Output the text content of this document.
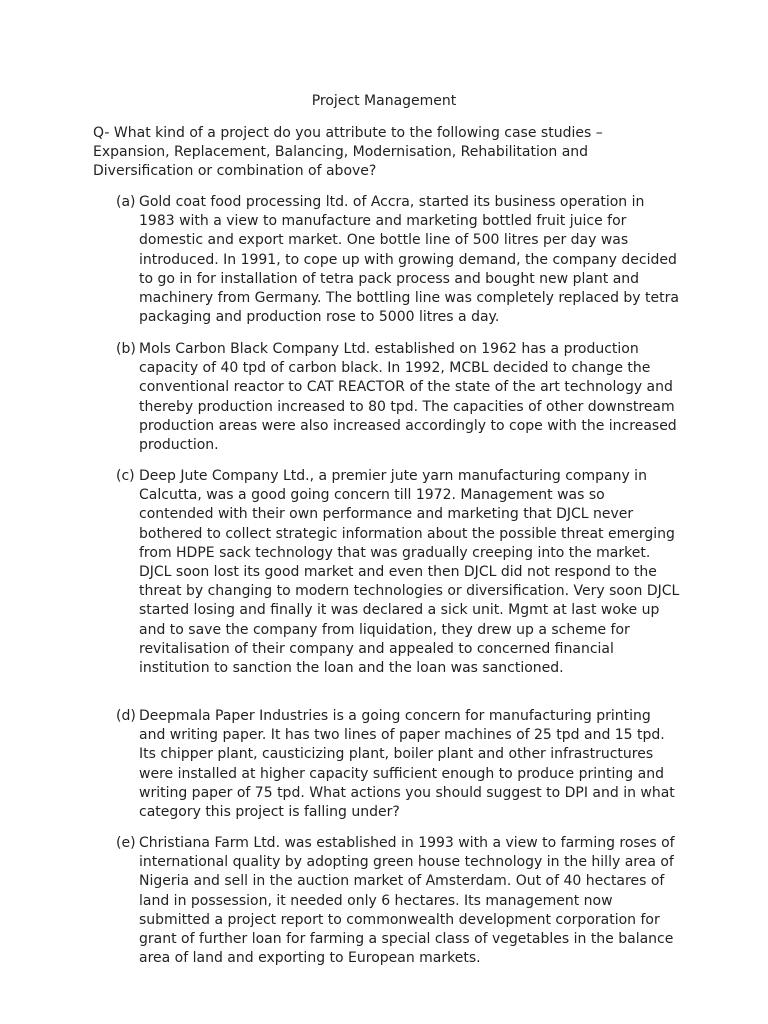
Project Management

Q- What kind of a project do you attribute to the following case studies – Expansion, Replacement, Balancing, Modernisation, Rehabilitation and Diversification or combination of above?

(a) Gold coat food processing ltd. of Accra, started its business operation in 1983 with a view to manufacture and marketing bottled fruit juice for domestic and export market. One bottle line of 500 litres per day was introduced. In 1991, to cope up with growing demand, the company decided to go in for installation of tetra pack process and bought new plant and machinery from Germany. The bottling line was completely replaced by tetra packaging and production rose to 5000 litres a day.
(b) Mols Carbon Black Company Ltd. established on 1962 has a production capacity of 40 tpd of carbon black. In 1992, MCBL decided to change the conventional reactor to CAT REACTOR of the state of the art technology and thereby production increased to 80 tpd. The capacities of other downstream production areas were also increased accordingly to cope with the increased production.
(c) Deep Jute Company Ltd., a premier jute yarn manufacturing company in Calcutta, was a good going concern till 1972. Management was so contended with their own performance and marketing that DJCL never bothered to collect strategic information about the possible threat emerging from HDPE sack technology that was gradually creeping into the market. DJCL soon lost its good market and even then DJCL did not respond to the threat by changing to modern technologies or diversification. Very soon DJCL started losing and finally it was declared a sick unit. Mgmt at last woke up and to save the company from liquidation, they drew up a scheme for revitalisation of their company and appealed to concerned financial institution to sanction the loan and the loan was sanctioned.
(d) Deepmala Paper Industries is a going concern for manufacturing printing and writing paper. It has two lines of paper machines of 25 tpd and 15 tpd. Its chipper plant, causticizing plant, boiler plant and other infrastructures were installed at higher capacity sufficient enough to produce printing and writing paper of 75 tpd. What actions you should suggest to DPI and in what category this project is falling under?
(e) Christiana Farm Ltd. was established in 1993 with a view to farming roses of international quality by adopting green house technology in the hilly area of Nigeria and sell in the auction market of Amsterdam. Out of 40 hectares of land in possession, it needed only 6 hectares. Its management now submitted a project report to commonwealth development corporation for grant of further loan for farming a special class of vegetables in the balance area of land and exporting to European markets.
